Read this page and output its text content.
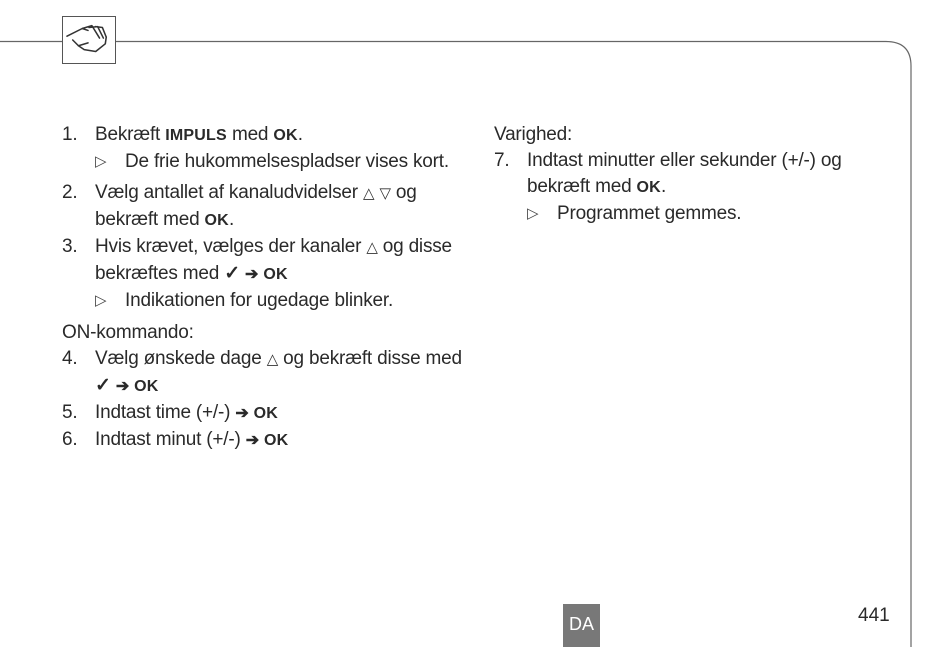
1. Bekræft IMPULS med OK.
▷ De frie hukommelsespladser vises kort.
2. Vælg antallet af kanaludvidelser △ ▽ og
bekræft med OK.
3. Hvis krævet, vælges der kanaler △ og disse
bekræftes med ✓ ➔ OK
▷ Indikationen for ugedage blinker.
ON-kommando:
4. Vælg ønskede dage △ og bekræft disse med
✓ ➔ OK
5. Indtast time (+/-) ➔ OK
6. Indtast minut (+/-) ➔ OK
Varighed:
7. Indtast minutter eller sekunder (+/-) og
bekræft med OK.
▷ Programmet gemmes.
DA	441
